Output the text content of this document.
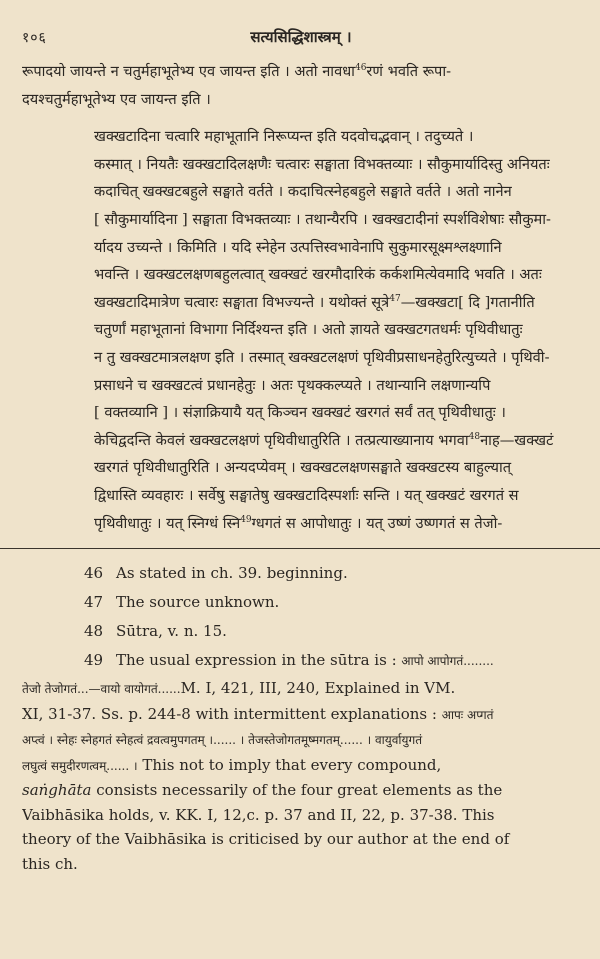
१०६	सत्यसिद्धिशास्त्रम् ।

रूपादयो जायन्ते न चतुर्महाभूतेभ्य एव जायन्त इति । अतो नावधा$^{46}$रणं भवति रूपा-
दयश्चतुर्महाभूतेभ्य एव जायन्त इति ।

खक्खटादिना चत्वारि महाभूतानि निरूप्यन्त इति यदवोचद्भवान् । तदुच्यते ।
कस्मात् । नियतैः खक्खटादिलक्षणैः चत्वारः सङ्घाता विभक्तव्याः । सौकुमार्यादिस्तु अनियतः
कदाचित् खक्खटबहुले सङ्घाते वर्तते । कदाचित्स्नेहबहुले सङ्घाते वर्तते । अतो नानेन
[ सौकुमार्यादिना ] सङ्घाता विभक्तव्याः । तथान्यैरपि । खक्खटादीनां स्पर्शविशेषाः सौकुमा-
र्यादय उच्यन्ते । किमिति । यदि स्नेहेन उत्पत्तिस्वभावेनापि सुकुमारसूक्ष्मश्लक्ष्णानि
भवन्ति । खक्खटलक्षणबहुलत्वात् खक्खटं खरमौदारिकं कर्कशमित्येवमादि भवति । अतः
खक्खटादिमात्रेण चत्वारः सङ्घाता विभज्यन्ते । यथोक्तं सूत्रे$^{47}$—खक्खटा[ दि ]गतानीति
चतुर्णां महाभूतानां विभागा निर्दिश्यन्त इति । अतो ज्ञायते खक्खटगतधर्मः पृथिवीधातुः
न तु खक्खटमात्रलक्षण इति । तस्मात् खक्खटलक्षणं पृथिवीप्रसाधनहेतुरित्युच्यते । पृथिवी-
प्रसाधने च खक्खटत्वं प्रधानहेतुः । अतः पृथक्कल्प्यते । तथान्यानि लक्षणान्यपि
[ वक्तव्यानि ] । संज्ञाक्रियायै यत् किञ्चन खक्खटं खरगतं सर्वं तत् पृथिवीधातुः ।
केचिद्वदन्ति केवलं खक्खटलक्षणं पृथिवीधातुरिति । तत्प्रत्याख्यानाय भगवा$^{48}$नाह—खक्खटं
खरगतं पृथिवीधातुरिति । अन्यदप्येवम् । खक्खटलक्षणसङ्घाते खक्खटस्य बाहुल्यात्
द्विधास्ति व्यवहारः । सर्वेषु सङ्घातेषु खक्खटादिस्पर्शाः सन्ति । यत् खक्खटं खरगतं स
पृथिवीधातुः । यत् स्निग्धं स्नि$^{49}$ग्धगतं स आपोधातुः । यत् उष्णं उष्णगतं स तेजो-

46 As stated in ch. 39. beginning.
47 The source unknown.
48 Sūtra, v. n. 15.
49 The usual expression in the sūtra is : आपो आपोगतं........
तेजो तेजोगतं...—वायो वायोगतं......M. I, 421, III, 240, Explained in VM.
XI, 31-37. Ss. p. 244-8 with intermittent explanations : आपः अप्गतं
अप्त्वं । स्नेहः स्नेहगतं स्नेहत्वं द्रवत्वमुपगतम् ।...... । तेजस्तेजोगतमूष्मगतम्...... । वायुर्वायुगतं
लघुत्वं समुदीरणत्वम्...... । This not to imply that every compound,
saṅghāta consists necessarily of the four great elements as the
Vaibhāsika holds, v. KK. I, 12,c. p. 37 and II, 22, p. 37-38. This
theory of the Vaibhāsika is criticised by our author at the end of
this ch.
